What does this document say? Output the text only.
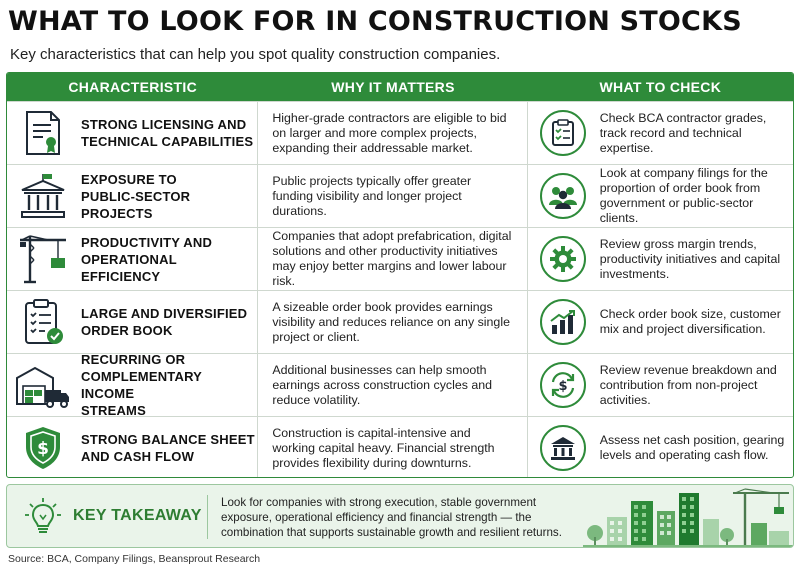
WHAT TO LOOK FOR IN CONSTRUCTION STOCKS
Key characteristics that can help you spot quality construction companies.
CHARACTERISTIC	WHY IT MATTERS	WHAT TO CHECK
STRONG LICENSING AND
TECHNICAL CAPABILITIES
Higher-grade contractors are eligible to bid on larger and more complex projects, expanding their addressable market.
Check BCA contractor grades, track record and technical expertise.
EXPOSURE TO
PUBLIC-SECTOR PROJECTS
Public projects typically offer greater funding visibility and longer project durations.
Look at company filings for the proportion of order book from government or public-sector clients.
PRODUCTIVITY AND
OPERATIONAL EFFICIENCY
Companies that adopt prefabrication, digital solutions and other productivity initiatives may enjoy better margins and lower labour risk.
Review gross margin trends, productivity initiatives and capital investments.
LARGE AND DIVERSIFIED
ORDER BOOK
A sizeable order book provides earnings visibility and reduces reliance on any single project or client.
Check order book size, customer mix and project diversification.
RECURRING OR
COMPLEMENTARY INCOME
STREAMS
Additional businesses can help smooth earnings across construction cycles and reduce volatility.
$
Review revenue breakdown and contribution from non-project activities.
$ STRONG BALANCE SHEET
AND CASH FLOW
Construction is capital-intensive and working capital heavy. Financial strength provides flexibility during downturns.
Assess net cash position, gearing levels and operating cash flow.
KEY TAKEAWAY
Look for companies with strong execution, stable government exposure, operational efficiency and financial strength — the combination that supports sustainable growth and resilient returns.
Source: BCA, Company Filings, Beansprout Research
